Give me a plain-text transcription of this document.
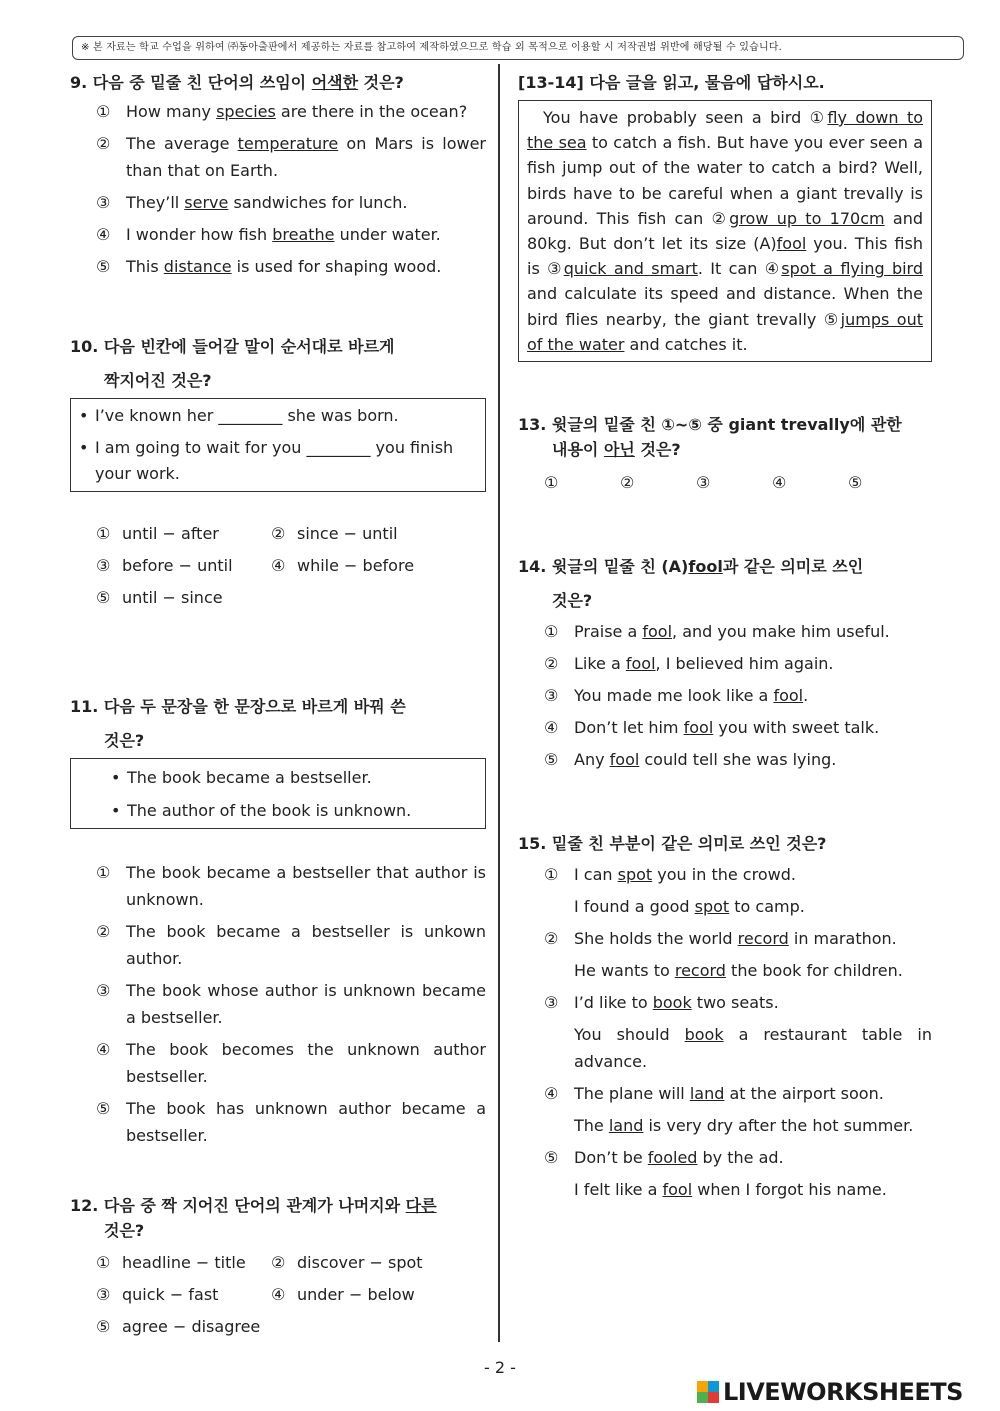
※ 본 자료는 학교 수업을 위하여 ㈜동아출판에서 제공하는 자료를 참고하여 제작하였으므로 학습 외 목적으로 이용할 시 저작권법 위반에 해당될 수 있습니다.
9. 다음 중 밑줄 친 단어의 쓰임이 어색한 것은?
① How many species are there in the ocean?
② The average temperature on Mars is lower than that on Earth.
③ They’ll serve sandwiches for lunch.
④ I wonder how fish breathe under water.
⑤ This distance is used for shaping wood.
10. 다음 빈칸에 들어갈 말이 순서대로 바르게
짝지어진 것은?
• I’ve known her ________ she was born.
• I am going to wait for you ________ you finish your work.
① until − after	② since − until
③ before − until	④ while − before
⑤ until − since
11. 다음 두 문장을 한 문장으로 바르게 바꿔 쓴
것은?
• The book became a bestseller.
• The author of the book is unknown.
① The book became a bestseller that author is unknown.
② The book became a bestseller is unkown author.
③ The book whose author is unknown became a bestseller.
④ The book becomes the unknown author bestseller.
⑤ The book has unknown author became a bestseller.
12. 다음 중 짝 지어진 단어의 관계가 나머지와 다른
것은?
① headline − title	② discover − spot
③ quick − fast	④ under − below
⑤ agree − disagree
[13-14] 다음 글을 읽고, 물음에 답하시오.
You have probably seen a bird ①fly down to the sea to catch a fish. But have you ever seen a fish jump out of the water to catch a bird? Well, birds have to be careful when a giant trevally is around. This fish can ②grow up to 170cm and 80kg. But don’t let its size (A)fool you. This fish is ③quick and smart. It can ④spot a flying bird and calculate its speed and distance. When the bird flies nearby, the giant trevally ⑤jumps out of the water and catches it.
13. 윗글의 밑줄 친 ①~⑤ 중 giant trevally에 관한
내용이 아닌 것은?
①	②	③	④	⑤
14. 윗글의 밑줄 친 (A)fool과 같은 의미로 쓰인
것은?
① Praise a fool, and you make him useful.
② Like a fool, I believed him again.
③ You made me look like a fool.
④ Don’t let him fool you with sweet talk.
⑤ Any fool could tell she was lying.
15. 밑줄 친 부분이 같은 의미로 쓰인 것은?
① I can spot you in the crowd.
I found a good spot to camp.
② She holds the world record in marathon.
He wants to record the book for children.
③ I’d like to book two seats.
You should book a restaurant table in advance.
④ The plane will land at the airport soon.
The land is very dry after the hot summer.
⑤ Don’t be fooled by the ad.
I felt like a fool when I forgot his name.
- 2 -
LIVEWORKSHEETS
